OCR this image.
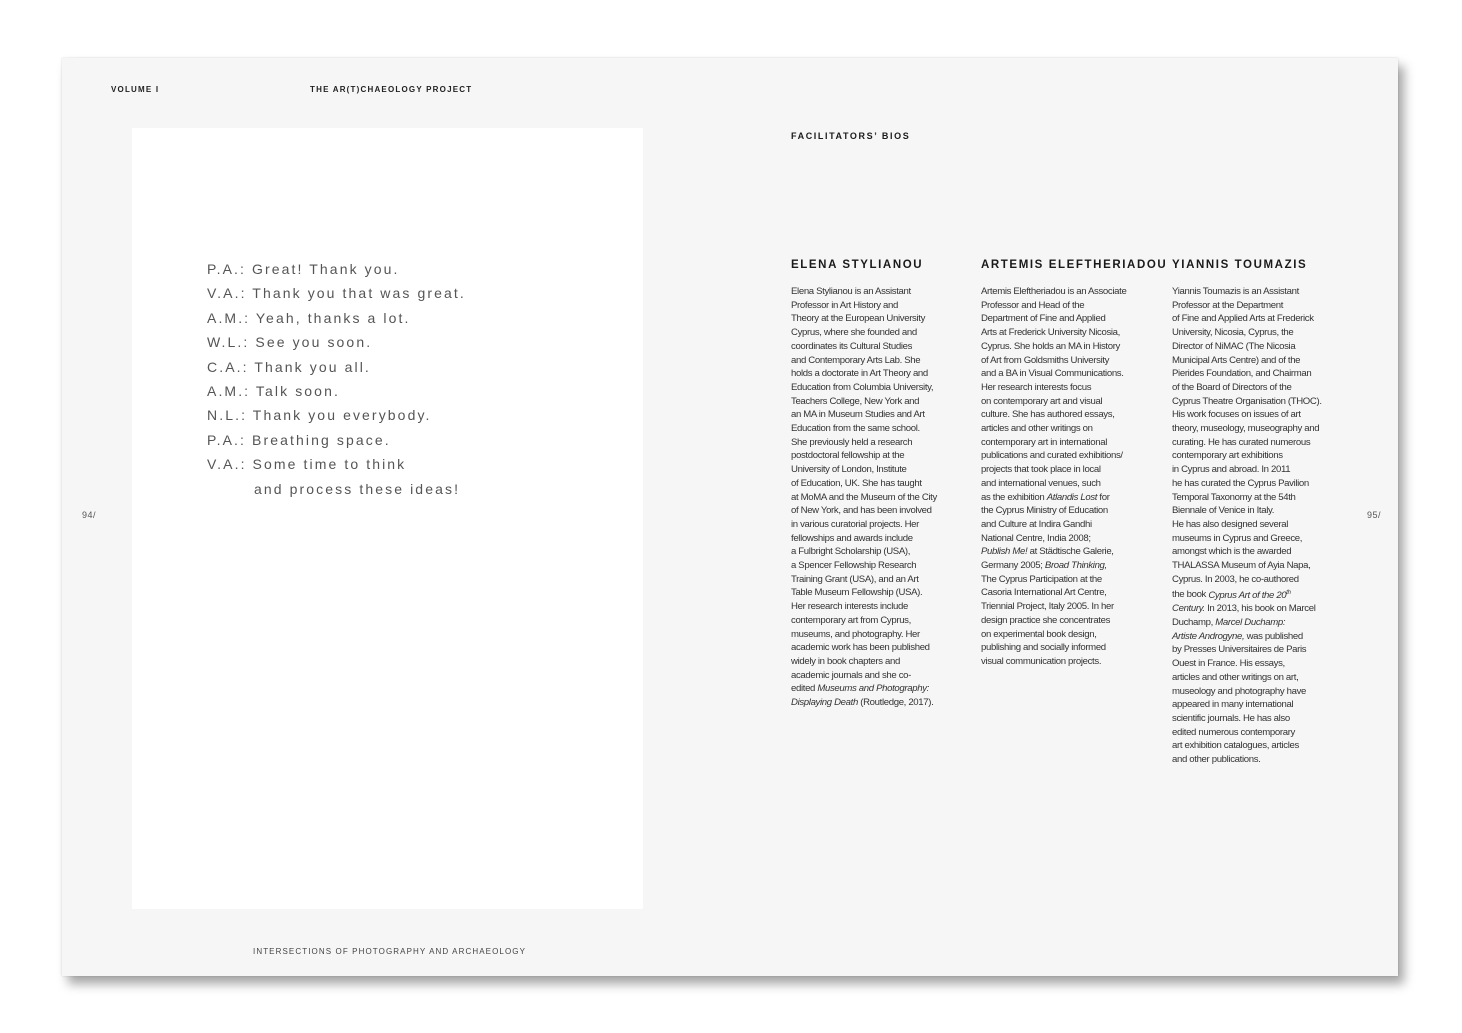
VOLUME I	THE AR(T)CHAEOLOGY PROJECT
94/	95/
P.A.: Great! Thank you.
V.A.: Thank you that was great.
A.M.: Yeah, thanks a lot.
W.L.: See you soon.
C.A.: Thank you all.
A.M.: Talk soon.
N.L.: Thank you everybody.
P.A.: Breathing space.
V.A.: Some time to think
and process these ideas!
INTERSECTIONS OF PHOTOGRAPHY AND ARCHAEOLOGY
FACILITATORS’ BIOS
ELENA STYLIANOU

Elena Stylianou is an Assistant

Professor in Art History and

Theory at the European University

Cyprus, where she founded and

coordinates its Cultural Studies

and Contemporary Arts Lab. She

holds a doctorate in Art Theory and

Education from Columbia University,

Teachers College, New York and

an MA in Museum Studies and Art

Education from the same school.

She previously held a research

postdoctoral fellowship at the

University of London, Institute

of Education, UK. She has taught

at MoMA and the Museum of the City

of New York, and has been involved

in various curatorial projects. Her

fellowships and awards include

a Fulbright Scholarship (USA),

a Spencer Fellowship Research

Training Grant (USA), and an Art

Table Museum Fellowship (USA).

Her research interests include

contemporary art from Cyprus,

museums, and photography. Her

academic work has been published

widely in book chapters and

academic journals and she co-

edited Museums and Photography:

Displaying Death (Routledge, 2017).

ARTEMIS ELEFTHERIADOU

Artemis Eleftheriadou is an Associate

Professor and Head of the

Department of Fine and Applied

Arts at Frederick University Nicosia,

Cyprus. She holds an MA in History

of Art from Goldsmiths University

and a BA in Visual Communications.

Her research interests focus

on contemporary art and visual

culture. She has authored essays,

articles and other writings on

contemporary art in international

publications and curated exhibitions/

projects that took place in local

and international venues, such

as the exhibition Atlandis Lost for

the Cyprus Ministry of Education

and Culture at Indira Gandhi

National Centre, India 2008;

Publish Me! at Städtische Galerie,

Germany 2005; Broad Thinking,

The Cyprus Participation at the

Casoria International Art Centre,

Triennial Project, Italy 2005. In her

design practice she concentrates

on experimental book design,

publishing and socially informed

visual communication projects.

YIANNIS TOUMAZIS

Yiannis Toumazis is an Assistant

Professor at the Department

of Fine and Applied Arts at Frederick

University, Nicosia, Cyprus, the

Director of NiMAC (The Nicosia

Municipal Arts Centre) and of the

Pierides Foundation, and Chairman

of the Board of Directors of the

Cyprus Theatre Organisation (THOC).

His work focuses on issues of art

theory, museology, museography and

curating. He has curated numerous

contemporary art exhibitions

in Cyprus and abroad. In 2011

he has curated the Cyprus Pavilion

Temporal Taxonomy at the 54th

Biennale of Venice in Italy.

He has also designed several

museums in Cyprus and Greece,

amongst which is the awarded

THALASSA Museum of Ayia Napa,

Cyprus. In 2003, he co-authored

the book Cyprus Art of the 20th

Century. In 2013, his book on Marcel

Duchamp, Marcel Duchamp:

Artiste Androgyne, was published

by Presses Universitaires de Paris

Ouest in France. His essays,

articles and other writings on art,

museology and photography have

appeared in many international

scientific journals. He has also

edited numerous contemporary

art exhibition catalogues, articles

and other publications.
